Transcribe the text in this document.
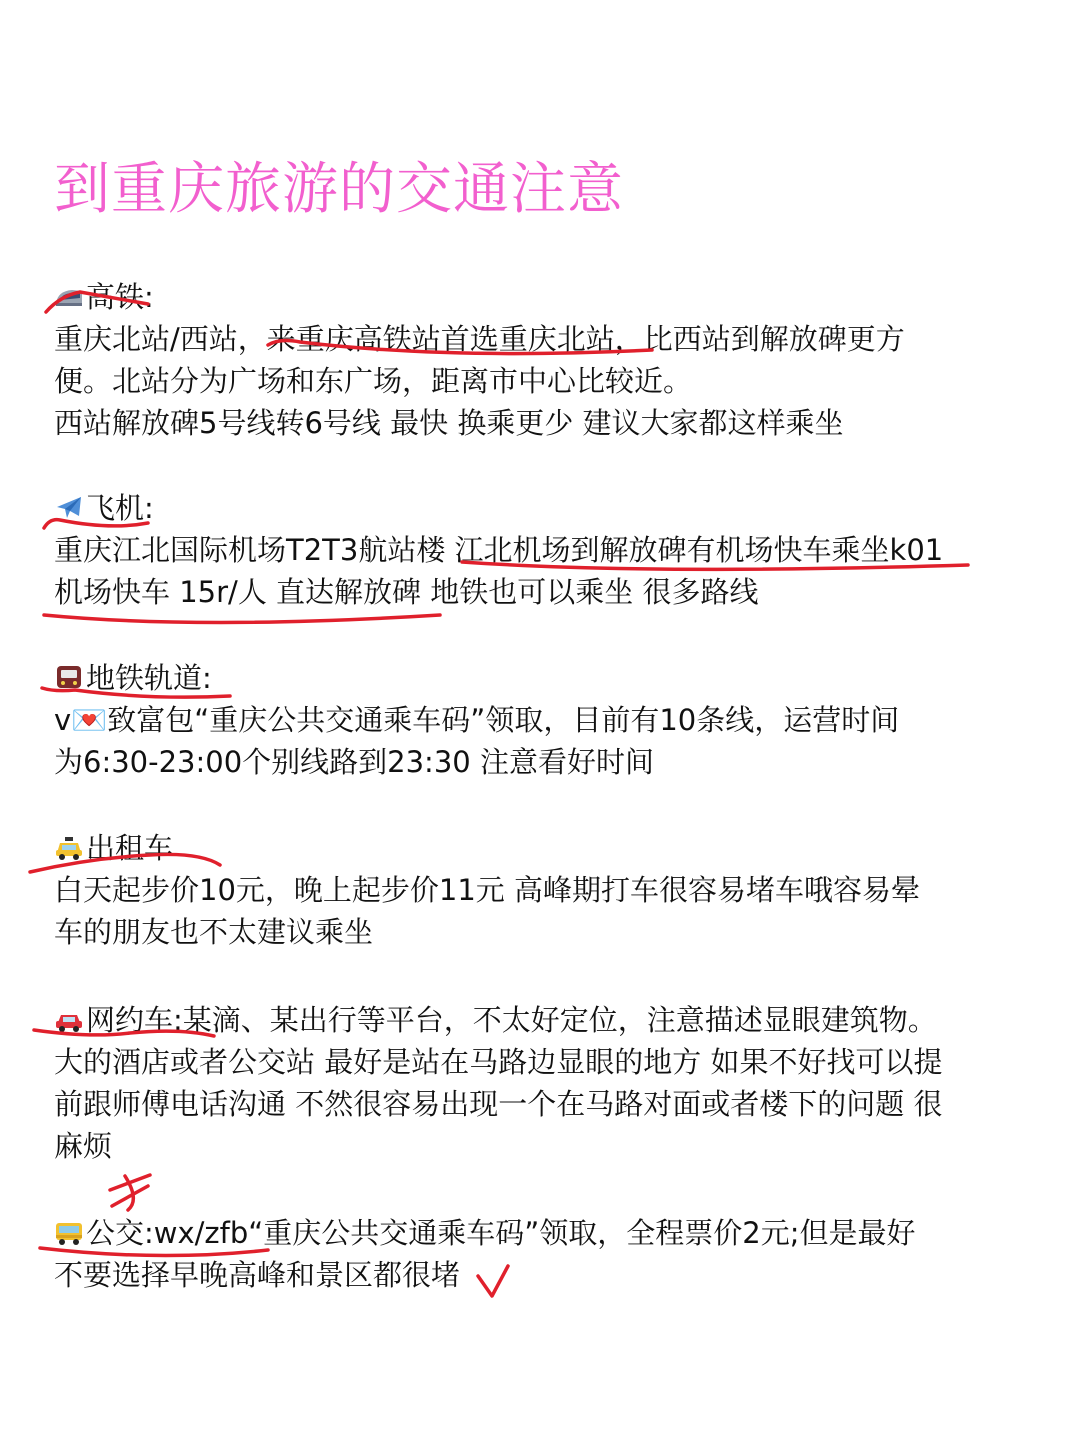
到重庆旅游的交通注意
高铁:
重庆北站/西站，来重庆高铁站首选重庆北站，比西站到解放碑更方
便。北站分为广场和东广场，距离市中心比较近。
西站解放碑5号线转6号线 最快 换乘更少 建议大家都这样乘坐
飞机:
重庆江北国际机场T2T3航站楼 江北机场到解放碑有机场快车乘坐k01
机场快车 15r/人 直达解放碑 地铁也可以乘坐 很多路线
地铁轨道:
v💌致富包“重庆公共交通乘车码”领取，目前有10条线，运营时间
为6:30-23:00个别线路到23:30 注意看好时间
出租车
白天起步价10元，晚上起步价11元 高峰期打车很容易堵车哦容易晕
车的朋友也不太建议乘坐
网约车:某滴、某出行等平台，不太好定位，注意描述显眼建筑物。
大的酒店或者公交站 最好是站在马路边显眼的地方 如果不好找可以提
前跟师傅电话沟通 不然很容易出现一个在马路对面或者楼下的问题 很
麻烦
公交:wx/zfb“重庆公共交通乘车码”领取，全程票价2元;但是最好
不要选择早晚高峰和景区都很堵
